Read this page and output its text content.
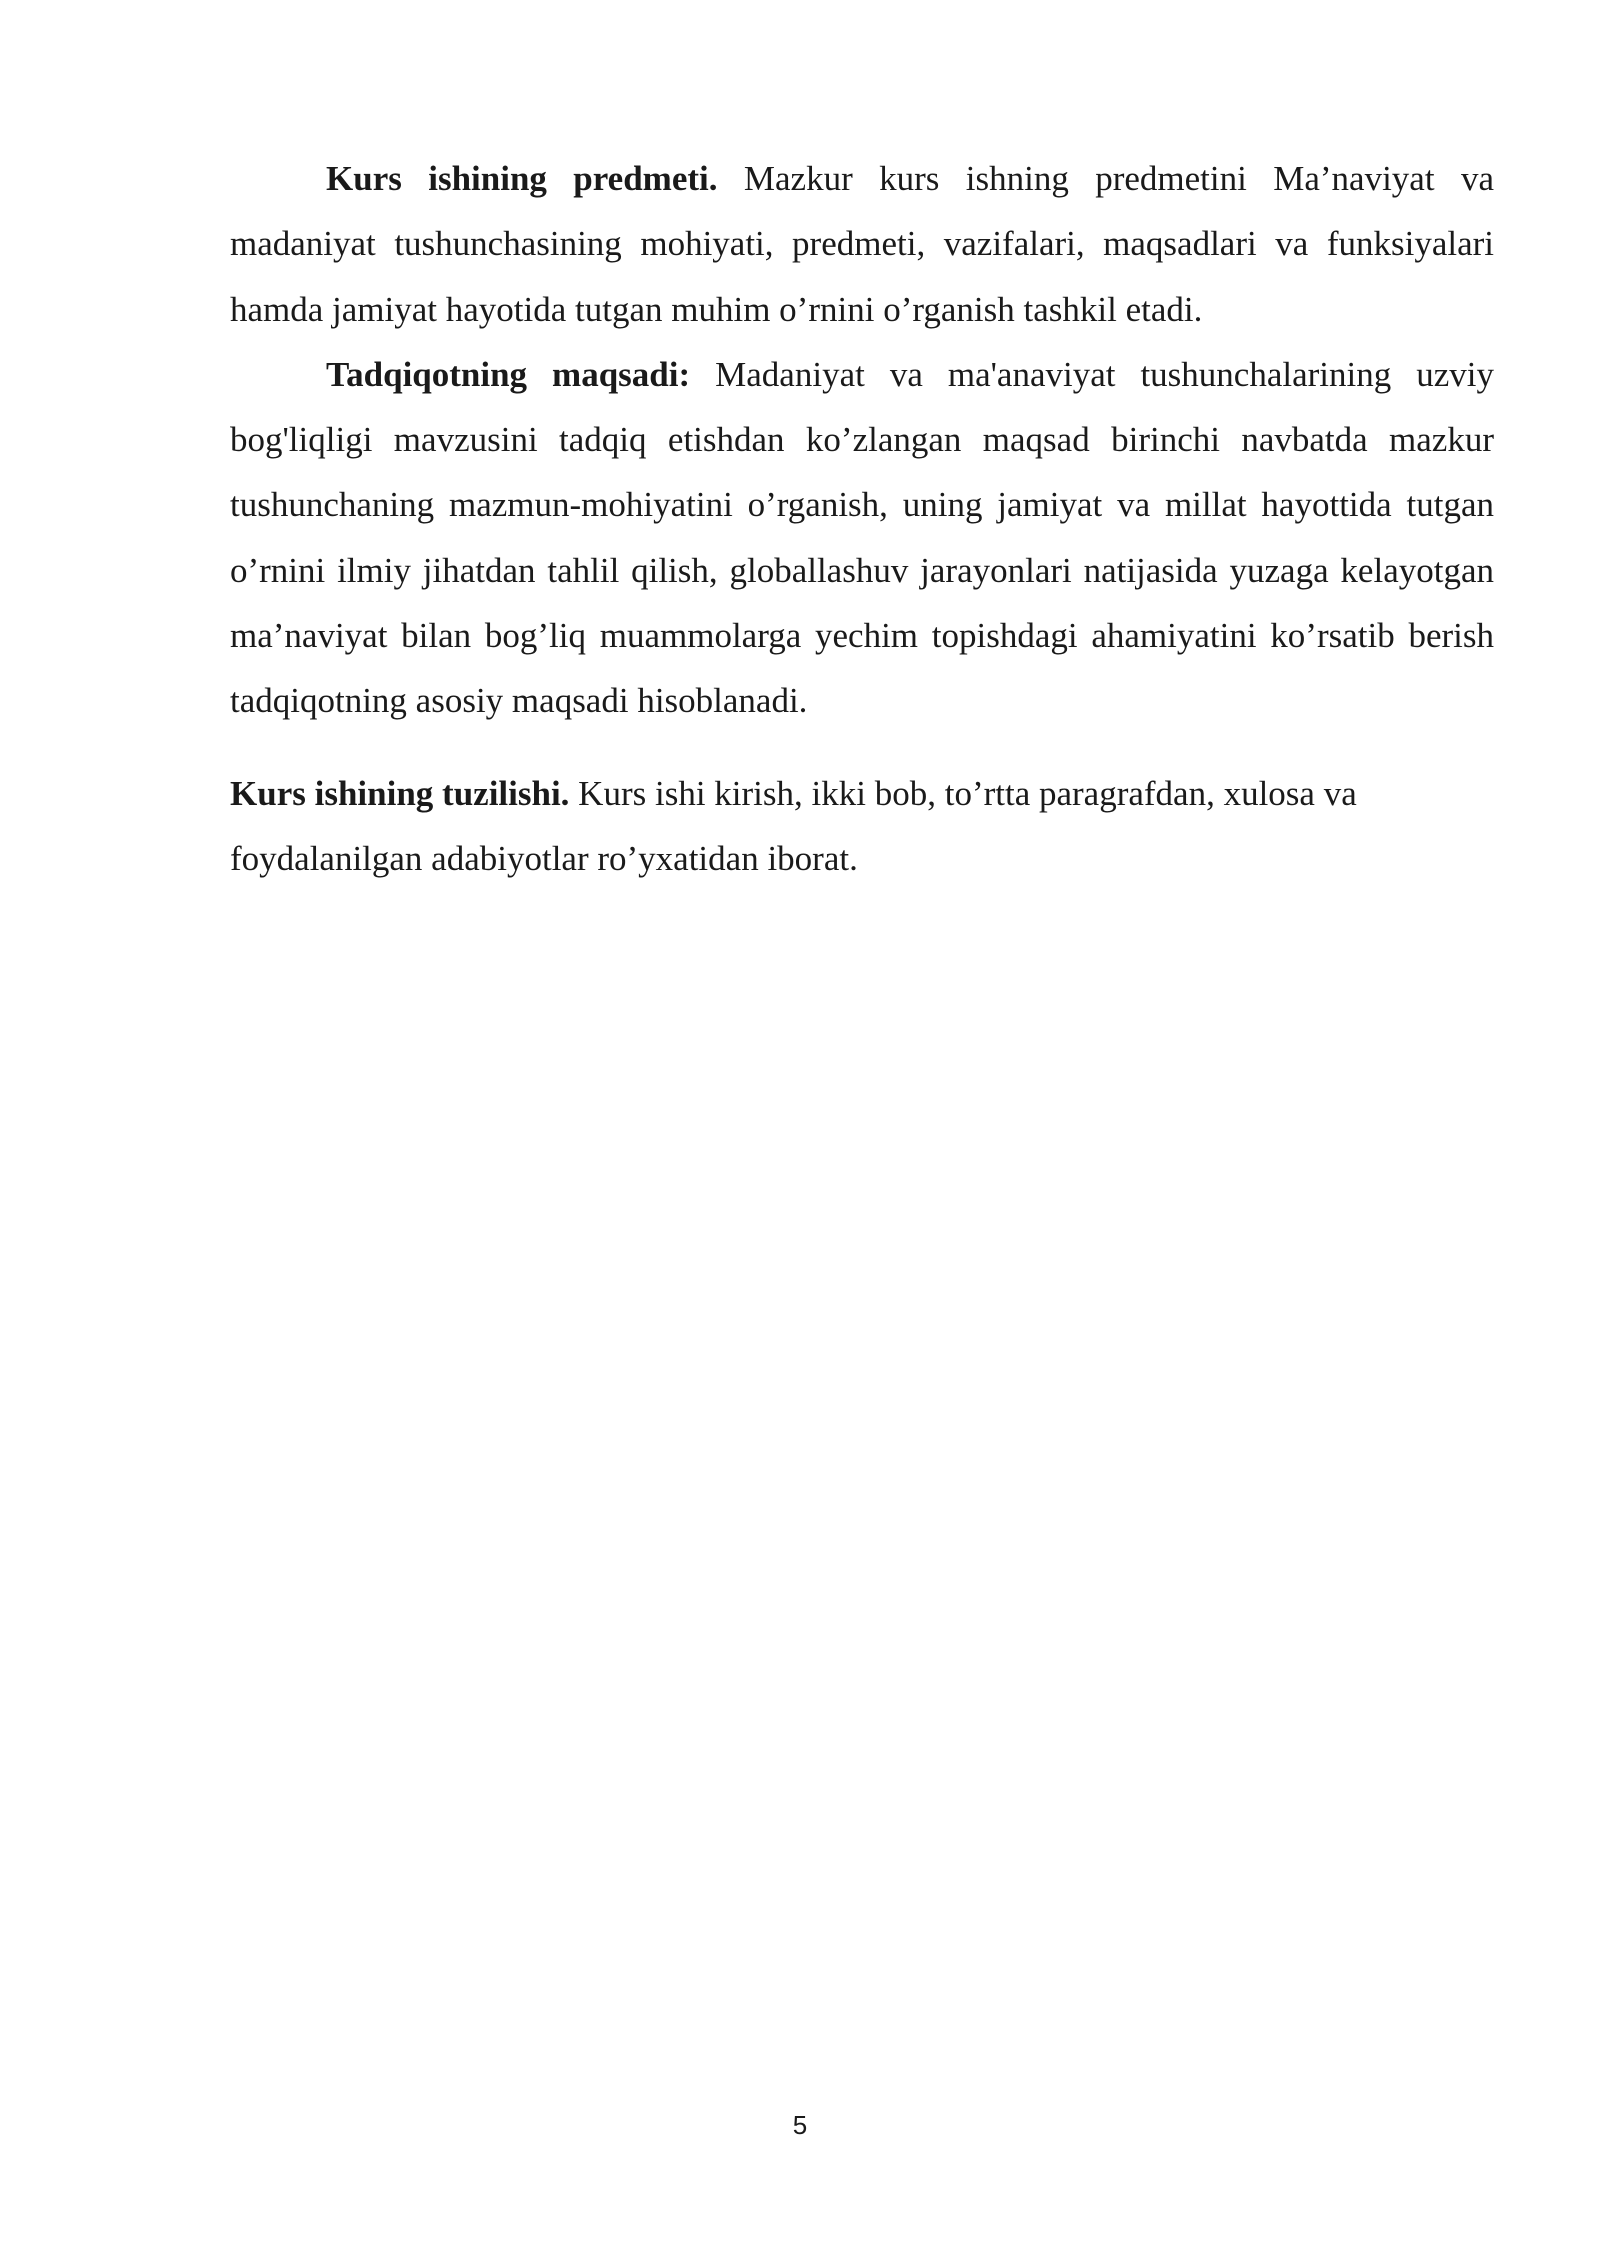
Kurs ishining predmeti. Mazkur kurs ishning predmetini Ma’naviyat va madaniyat tushunchasining mohiyati, predmeti, vazifalari, maqsadlari va funksiyalari hamda jamiyat hayotida tutgan muhim o’rnini o’rganish tashkil etadi.

Tadqiqotning maqsadi: Madaniyat va ma'anaviyat tushunchalarining uzviy bog'liqligi mavzusini tadqiq etishdan ko’zlangan maqsad birinchi navbatda mazkur tushunchaning mazmun-mohiyatini o’rganish, uning jamiyat va millat hayottida tutgan o’rnini ilmiy jihatdan tahlil qilish, globallashuv jarayonlari natijasida yuzaga kelayotgan ma’naviyat bilan bog’liq muammolarga yechim topishdagi ahamiyatini ko’rsatib berish tadqiqotning asosiy maqsadi hisoblanadi.

Kurs ishining tuzilishi. Kurs ishi kirish, ikki bob, to’rtta paragrafdan, xulosa va foydalanilgan adabiyotlar ro’yxatidan iborat.

5
